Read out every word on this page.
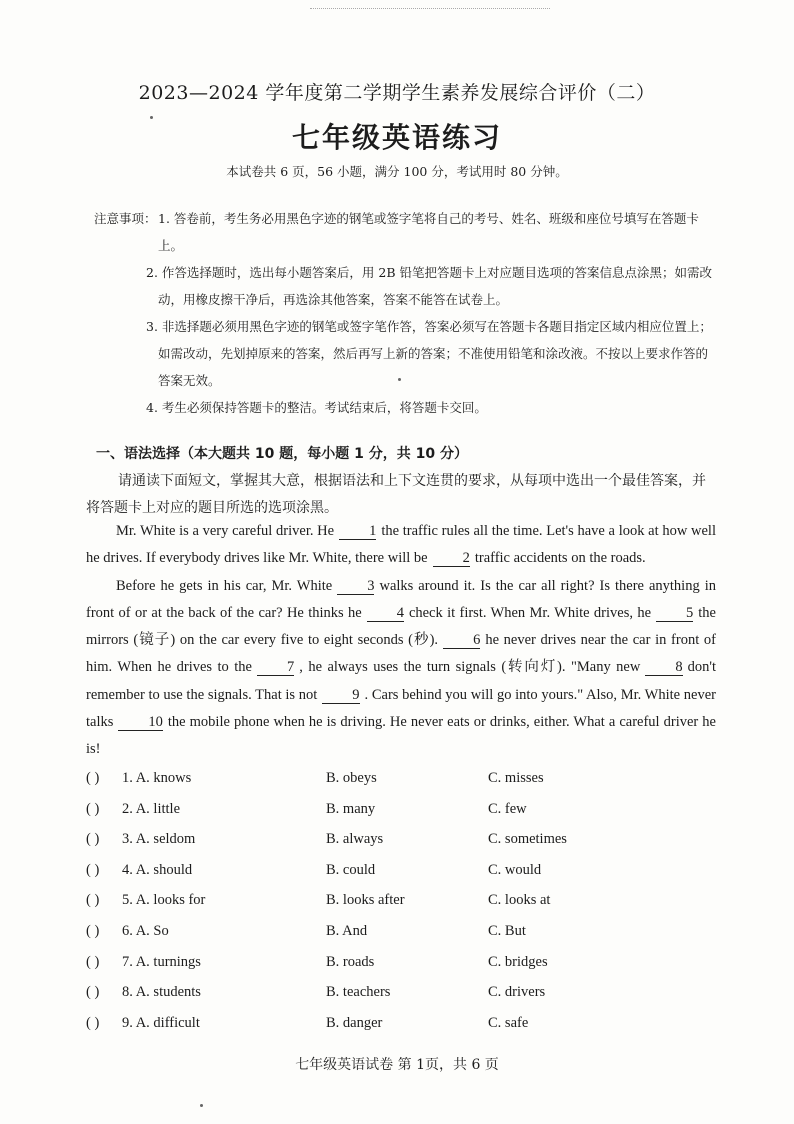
2023—2024 学年度第二学期学生素养发展综合评价（二）
七年级英语练习
本试卷共 6 页，56 小题，满分 100 分，考试用时 80 分钟。
注意事项： 1. 答卷前，考生务必用黑色字迹的钢笔或签字笔将自己的考号、姓名、班级和座位号填写在答题卡上。
2. 作答选择题时，选出每小题答案后，用 2B 铅笔把答题卡上对应题目选项的答案信息点涂黑；如需改动，用橡皮擦干净后，再选涂其他答案，答案不能答在试卷上。
3. 非选择题必须用黑色字迹的钢笔或签字笔作答，答案必须写在答题卡各题目指定区域内相应位置上；如需改动，先划掉原来的答案，然后再写上新的答案；不准使用铅笔和涂改液。不按以上要求作答的答案无效。
4. 考生必须保持答题卡的整洁。考试结束后，将答题卡交回。
一、语法选择（本大题共 10 题，每小题 1 分，共 10 分）
请通读下面短文，掌握其大意，根据语法和上下文连贯的要求，从每项中选出一个最佳答案，并将答题卡上对应的题目所选的选项涂黑。

Mr. White is a very careful driver. He 1 the traffic rules all the time. Let's have a look at how well he drives. If everybody drives like Mr. White, there will be 2 traffic accidents on the roads.

Before he gets in his car, Mr. White 3 walks around it. Is the car all right? Is there anything in front of or at the back of the car? He thinks he 4 check it first. When Mr. White drives, he 5 the mirrors (镜子) on the car every five to eight seconds (秒). 6 he never drives near the car in front of him. When he drives to the 7 , he always uses the turn signals (转向灯). "Many new 8 don't remember to use the signals. That is not 9 . Cars behind you will go into yours." Also, Mr. White never talks 10 the mobile phone when he is driving. He never eats or drinks, either. What a careful driver he is!

( ) 1. A. knows	B. obeys	C. misses
( ) 2. A. little	B. many	C. few
( ) 3. A. seldom	B. always	C. sometimes
( ) 4. A. should	B. could	C. would
( ) 5. A. looks for	B. looks after	C. looks at
( ) 6. A. So	B. And	C. But
( ) 7. A. turnings	B. roads	C. bridges
( ) 8. A. students	B. teachers	C. drivers
( ) 9. A. difficult	B. danger	C. safe
七年级英语试卷 第 1页，共 6 页
